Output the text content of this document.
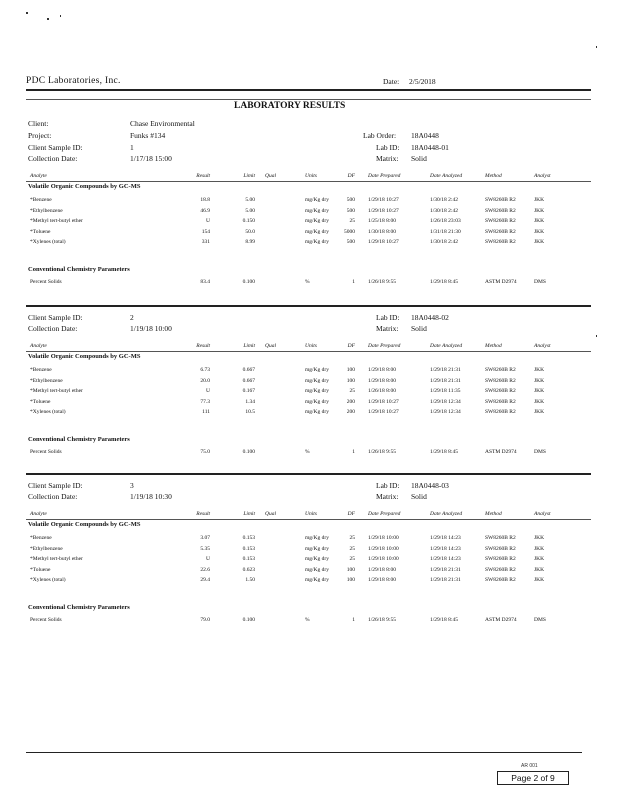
PDC Laboratories, Inc.	Date: 2/5/2018
LABORATORY RESULTS
Client:	Chase Environmental
Project:	Funks #134	Lab Order: 18A0448
Client Sample ID:	1	Lab ID: 18A0448-01
Collection Date:	1/17/18 15:00	Matrix: Solid
Analyte	Result	Limit Qual	Units	DF Date Prepared	Date Analyzed	Method	Analyst
Volatile Organic Compounds by GC-MS
*Benzene	18.8	5.00	mg/Kg dry	500 1/29/18 10:27	1/30/18 2:42	SW8260B R2	JKK
*Ethylbenzene	46.9	5.00	mg/Kg dry	500 1/29/18 10:27	1/30/18 2:42	SW8260B R2	JKK
*Methyl tert-butyl ether	U	0.150	mg/Kg dry	25 1/25/18 8:00	1/26/18 23:03	SW8260B R2	JKK
*Toluene	154	50.0	mg/Kg dry	5000 1/30/18 8:00	1/31/18 21:30	SW8260B R2	JKK
*Xylenes (total)	331	8.99	mg/Kg dry	500 1/29/18 10:27	1/30/18 2:42	SW8260B R2	JKK
Conventional Chemistry Parameters
Percent Solids	83.4	0.100	%	1 1/26/18 9:55	1/29/18 8:45	ASTM D2974	DMS
Client Sample ID:	2	Lab ID: 18A0448-02
Collection Date:	1/19/18 10:00	Matrix: Solid
Analyte	Result	Limit Qual	Units	DF Date Prepared	Date Analyzed	Method	Analyst
Volatile Organic Compounds by GC-MS
*Benzene	6.73	0.667	mg/Kg dry	100 1/29/18 8:00	1/29/18 21:31	SW8260B R2	JKK
*Ethylbenzene	20.0	0.667	mg/Kg dry	100 1/29/18 8:00	1/29/18 21:31	SW8260B R2	JKK
*Methyl tert-butyl ether	U	0.167	mg/Kg dry	25 1/26/18 8:00	1/29/18 11:35	SW8260B R2	JKK
*Toluene	77.3	1.34	mg/Kg dry	200 1/29/18 10:27	1/29/18 12:34	SW8260B R2	JKK
*Xylenes (total)	111	10.5	mg/Kg dry	200 1/29/18 10:27	1/29/18 12:34	SW8260B R2	JKK
Conventional Chemistry Parameters
Percent Solids	75.0	0.100	%	1 1/26/18 9:55	1/29/18 8:45	ASTM D2974	DMS
Client Sample ID:	3	Lab ID: 18A0448-03
Collection Date:	1/19/18 10:30	Matrix: Solid
Analyte	Result	Limit Qual	Units	DF Date Prepared	Date Analyzed	Method	Analyst
Volatile Organic Compounds by GC-MS
*Benzene	3.07	0.153	mg/Kg dry	25 1/29/18 10:00	1/29/18 14:23	SW8260B R2	JKK
*Ethylbenzene	5.35	0.153	mg/Kg dry	25 1/29/18 10:00	1/29/18 14:23	SW8260B R2	JKK
*Methyl tert-butyl ether	U	0.153	mg/Kg dry	25 1/29/18 10:00	1/29/18 14:23	SW8260B R2	JKK
*Toluene	22.6	0.623	mg/Kg dry	100 1/29/18 8:00	1/29/18 21:31	SW8260B R2	JKK
*Xylenes (total)	29.4	1.50	mg/Kg dry	100 1/29/18 8:00	1/29/18 21:31	SW8260B R2	JKK
Conventional Chemistry Parameters
Percent Solids	79.0	0.100	%	1 1/26/18 9:55	1/29/18 8:45	ASTM D2974	DMS
AR 001
Page 2 of 9
